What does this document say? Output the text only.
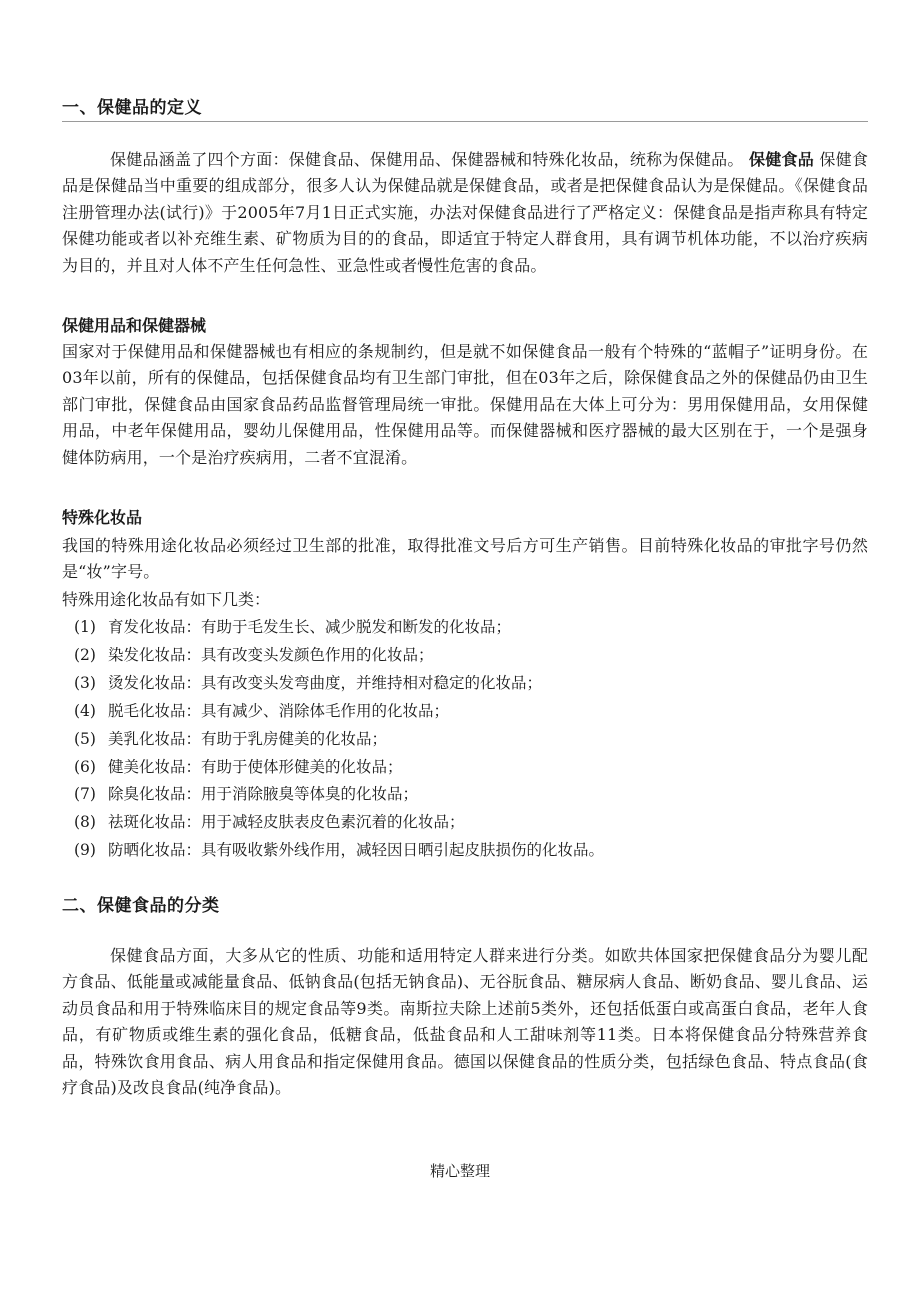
一、保健品的定义
保健品涵盖了四个方面：保健食品、保健用品、保健器械和特殊化妆品，统称为保健品。 保健食品 保健食品是保健品当中重要的组成部分，很多人认为保健品就是保健食品，或者是把保健食品认为是保健品。《保健食品注册管理办法(试行)》于2005年7月1日正式实施，办法对保健食品进行了严格定义：保健食品是指声称具有特定保健功能或者以补充维生素、矿物质为目的的食品，即适宜于特定人群食用，具有调节机体功能，不以治疗疾病为目的，并且对人体不产生任何急性、亚急性或者慢性危害的食品。
保健用品和保健器械
国家对于保健用品和保健器械也有相应的条规制约，但是就不如保健食品一般有个特殊的“蓝帽子”证明身份。在03年以前，所有的保健品，包括保健食品均有卫生部门审批，但在03年之后，除保健食品之外的保健品仍由卫生部门审批，保健食品由国家食品药品监督管理局统一审批。保健用品在大体上可分为：男用保健用品，女用保健用品，中老年保健用品，婴幼儿保健用品，性保健用品等。而保健器械和医疗器械的最大区别在于，一个是强身健体防病用，一个是治疗疾病用，二者不宜混淆。
特殊化妆品
我国的特殊用途化妆品必须经过卫生部的批准，取得批准文号后方可生产销售。目前特殊化妆品的审批字号仍然是“妆”字号。
特殊用途化妆品有如下几类：
(1) 育发化妆品：有助于毛发生长、减少脱发和断发的化妆品；
(2) 染发化妆品：具有改变头发颜色作用的化妆品；
(3) 烫发化妆品：具有改变头发弯曲度，并维持相对稳定的化妆品；
(4) 脱毛化妆品：具有减少、消除体毛作用的化妆品；
(5) 美乳化妆品：有助于乳房健美的化妆品；
(6) 健美化妆品：有助于使体形健美的化妆品；
(7) 除臭化妆品：用于消除腋臭等体臭的化妆品；
(8) 祛斑化妆品：用于减轻皮肤表皮色素沉着的化妆品；
(9) 防晒化妆品：具有吸收紫外线作用，减轻因日晒引起皮肤损伤的化妆品。
二、保健食品的分类
保健食品方面，大多从它的性质、功能和适用特定人群来进行分类。如欧共体国家把保健食品分为婴儿配方食品、低能量或减能量食品、低钠食品(包括无钠食品)、无谷朊食品、糖尿病人食品、断奶食品、婴儿食品、运动员食品和用于特殊临床目的规定食品等9类。南斯拉夫除上述前5类外，还包括低蛋白或高蛋白食品，老年人食品，有矿物质或维生素的强化食品，低糖食品，低盐食品和人工甜味剂等11类。日本将保健食品分特殊营养食品，特殊饮食用食品、病人用食品和指定保健用食品。德国以保健食品的性质分类，包括绿色食品、特点食品(食疗食品)及改良食品(纯净食品)。
精心整理
